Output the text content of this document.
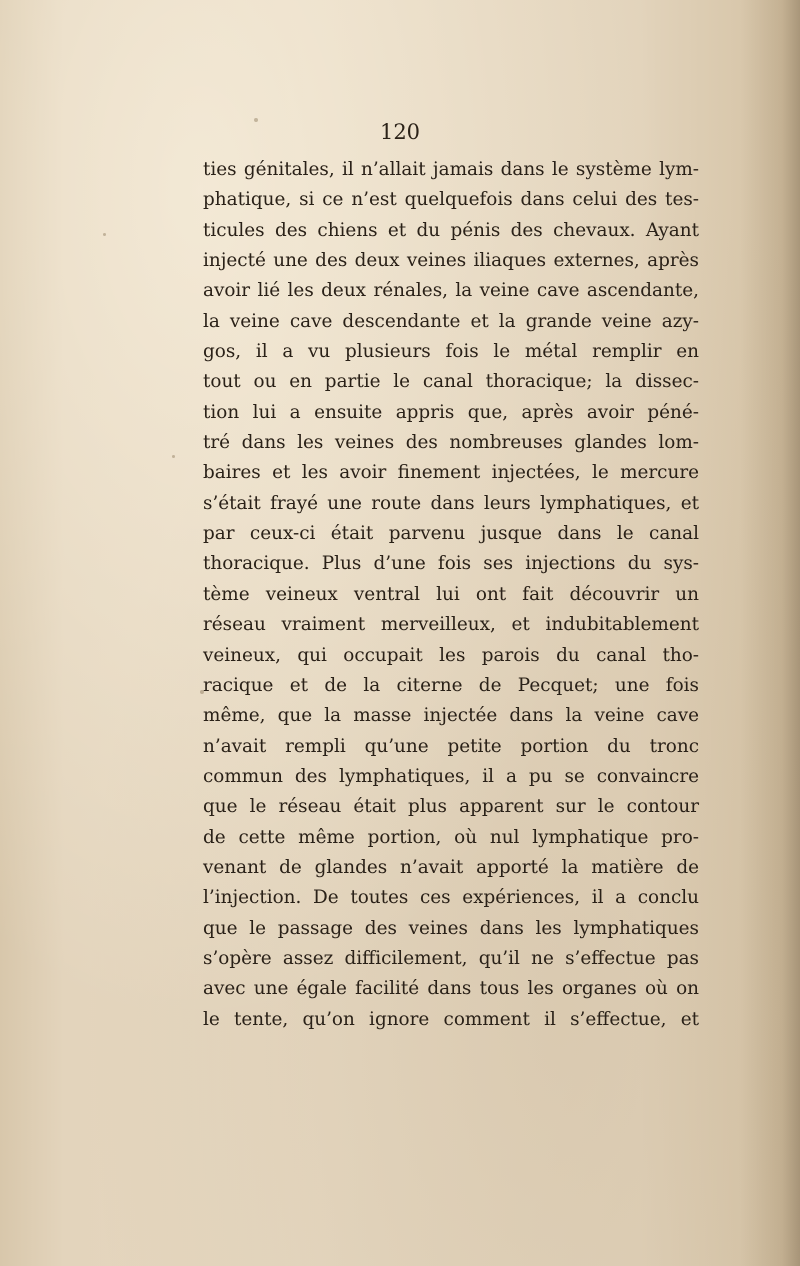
120
ties génitales, il n’allait jamais dans le système lym-
phatique, si ce n’est quelquefois dans celui des tes-
ticules des chiens et du pénis des chevaux. Ayant
injecté une des deux veines iliaques externes, après
avoir lié les deux rénales, la veine cave ascendante,
la veine cave descendante et la grande veine azy-
gos, il a vu plusieurs fois le métal remplir en
tout ou en partie le canal thoracique; la dissec-
tion lui a ensuite appris que, après avoir péné-
tré dans les veines des nombreuses glandes lom-
baires et les avoir finement injectées, le mercure
s’était frayé une route dans leurs lymphatiques, et
par ceux-ci était parvenu jusque dans le canal
thoracique. Plus d’une fois ses injections du sys-
tème veineux ventral lui ont fait découvrir un
réseau vraiment merveilleux, et indubitablement
veineux, qui occupait les parois du canal tho-
racique et de la citerne de Pecquet; une fois
même, que la masse injectée dans la veine cave
n’avait rempli qu’une petite portion du tronc
commun des lymphatiques, il a pu se convaincre
que le réseau était plus apparent sur le contour
de cette même portion, où nul lymphatique pro-
venant de glandes n’avait apporté la matière de
l’injection. De toutes ces expériences, il a conclu
que le passage des veines dans les lymphatiques
s’opère assez difficilement, qu’il ne s’effectue pas
avec une égale facilité dans tous les organes où on
le tente, qu’on ignore comment il s’effectue, et
